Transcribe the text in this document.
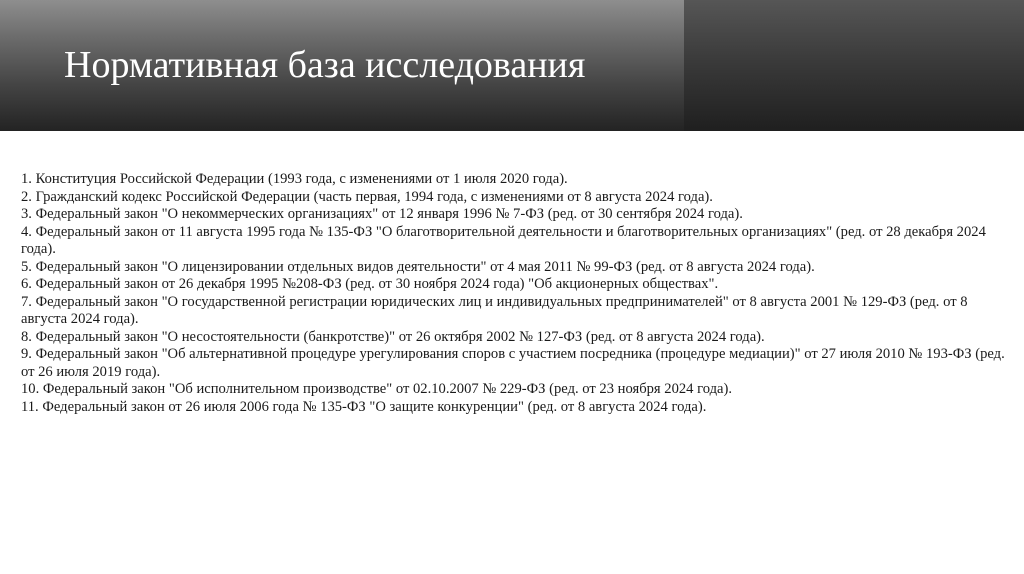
Нормативная база исследования
1. Конституция Российской Федерации (1993 года, с изменениями от 1 июля 2020 года).
2. Гражданский кодекс Российской Федерации (часть первая, 1994 года, с изменениями от 8 августа 2024 года).
3. Федеральный закон "О некоммерческих организациях" от 12 января 1996 № 7-ФЗ (ред. от 30 сентября 2024 года).
4. Федеральный закон от 11 августа 1995 года № 135-ФЗ "О благотворительной деятельности и благотворительных организациях" (ред. от 28 декабря 2024 года).
5. Федеральный закон "О лицензировании отдельных видов деятельности" от 4 мая 2011 № 99-ФЗ (ред. от 8 августа 2024 года).
6. Федеральный закон от 26 декабря 1995 №208-ФЗ (ред. от 30 ноября 2024 года) "Об акционерных обществах".
7. Федеральный закон "О государственной регистрации юридических лиц и индивидуальных предпринимателей" от 8 августа 2001 № 129-ФЗ (ред. от 8 августа 2024 года).
8. Федеральный закон "О несостоятельности (банкротстве)" от 26 октября 2002 № 127-ФЗ (ред. от 8 августа 2024 года).
9. Федеральный закон "Об альтернативной процедуре урегулирования споров с участием посредника (процедуре медиации)" от 27 июля 2010 № 193-ФЗ (ред. от 26 июля 2019 года).
10. Федеральный закон "Об исполнительном производстве" от 02.10.2007 № 229-ФЗ (ред. от 23 ноября 2024 года).
11. Федеральный закон от 26 июля 2006 года № 135-ФЗ "О защите конкуренции" (ред. от 8 августа 2024 года).
